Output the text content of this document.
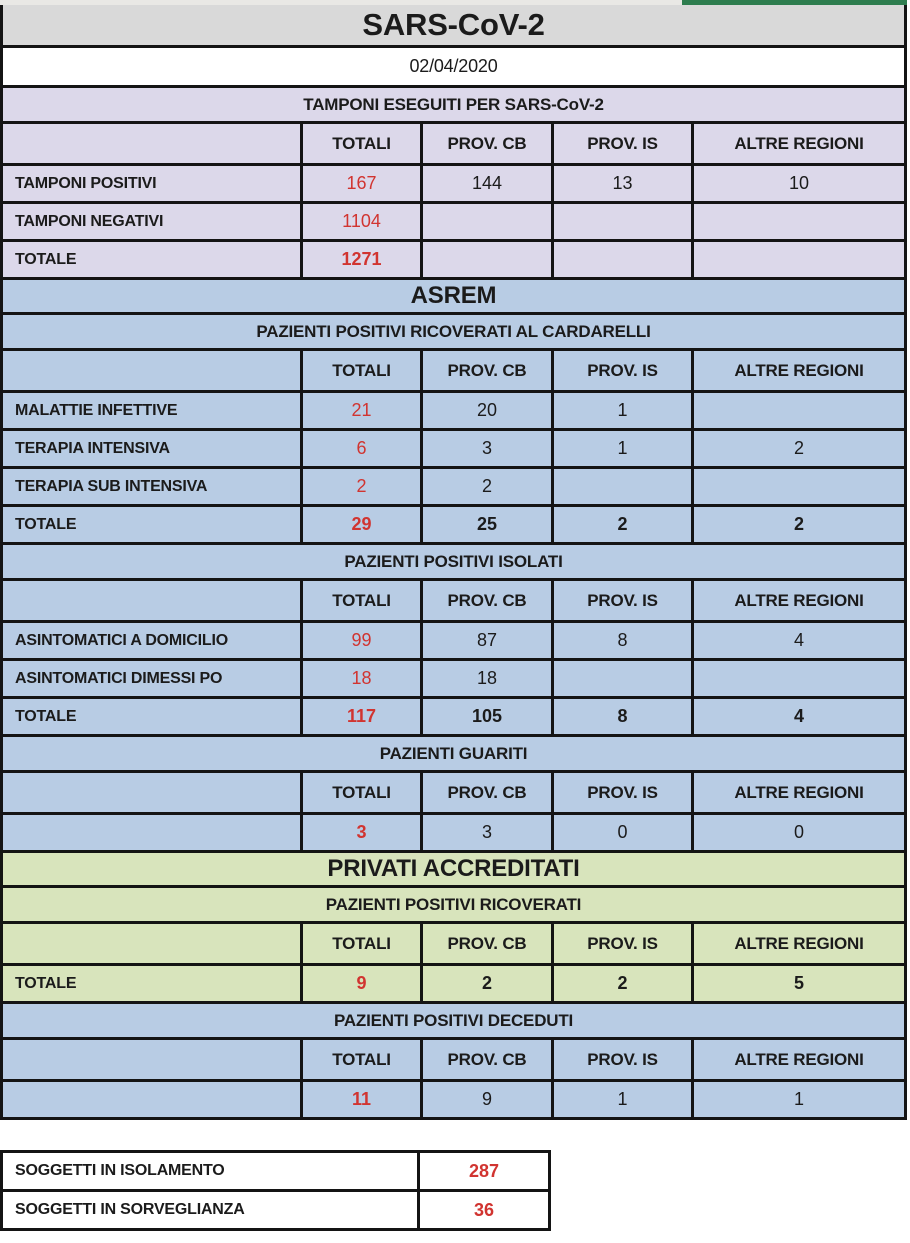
SARS-CoV-2
02/04/2020
TAMPONI ESEGUITI PER SARS-CoV-2
TOTALI	PROV. CB	PROV. IS	ALTRE REGIONI
TAMPONI POSITIVI	167	144	13	10
TAMPONI NEGATIVI	1104
TOTALE	1271
ASREM
PAZIENTI POSITIVI RICOVERATI AL CARDARELLI
TOTALI	PROV. CB	PROV. IS	ALTRE REGIONI
MALATTIE INFETTIVE	21	20	1
TERAPIA INTENSIVA	6	3	1	2
TERAPIA SUB INTENSIVA	2	2
TOTALE	29	25	2	2
PAZIENTI POSITIVI ISOLATI
TOTALI	PROV. CB	PROV. IS	ALTRE REGIONI
ASINTOMATICI A DOMICILIO	99	87	8	4
ASINTOMATICI DIMESSI PO	18	18
TOTALE	117	105	8	4
PAZIENTI GUARITI
TOTALI	PROV. CB	PROV. IS	ALTRE REGIONI
3	3	0	0
PRIVATI ACCREDITATI
PAZIENTI POSITIVI RICOVERATI
TOTALI	PROV. CB	PROV. IS	ALTRE REGIONI
TOTALE	9	2	2	5
PAZIENTI POSITIVI DECEDUTI
TOTALI	PROV. CB	PROV. IS	ALTRE REGIONI
11	9	1	1
SOGGETTI IN ISOLAMENTO	287
SOGGETTI IN SORVEGLIANZA	36
